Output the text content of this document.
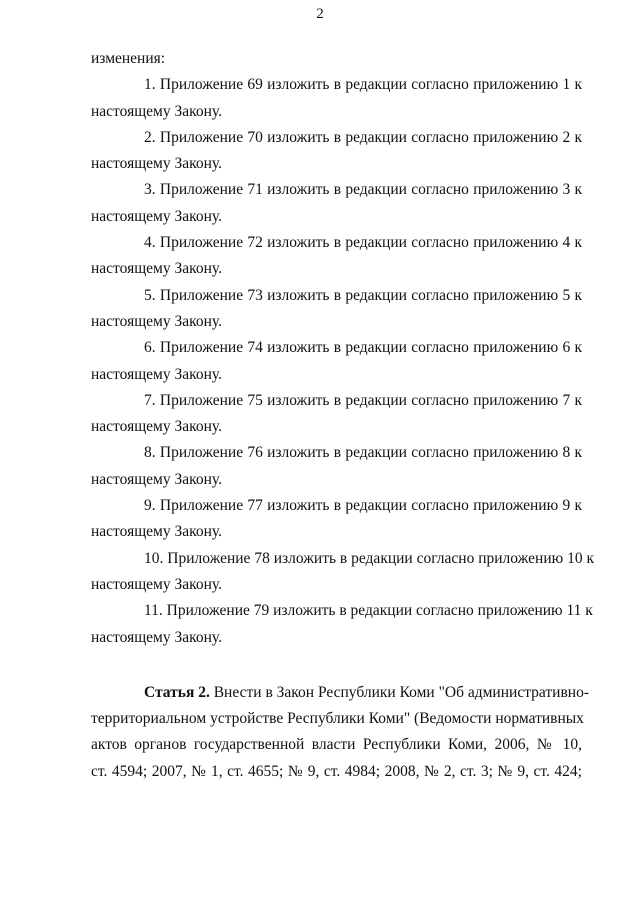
2
изменения:
1. Приложение 69 изложить в редакции согласно приложению 1 к
настоящему Закону.
2. Приложение 70 изложить в редакции согласно приложению 2 к
настоящему Закону.
3. Приложение 71 изложить в редакции согласно приложению 3 к
настоящему Закону.
4. Приложение 72 изложить в редакции согласно приложению 4 к
настоящему Закону.
5. Приложение 73 изложить в редакции согласно приложению 5 к
настоящему Закону.
6. Приложение 74 изложить в редакции согласно приложению 6 к
настоящему Закону.
7. Приложение 75 изложить в редакции согласно приложению 7 к
настоящему Закону.
8. Приложение 76 изложить в редакции согласно приложению 8 к
настоящему Закону.
9. Приложение 77 изложить в редакции согласно приложению 9 к
настоящему Закону.
10. Приложение 78 изложить в редакции согласно приложению 10 к
настоящему Закону.
11. Приложение 79 изложить в редакции согласно приложению 11 к
настоящему Закону.
Статья 2. Внести в Закон Республики Коми "Об административно-
территориальном устройстве Республики Коми" (Ведомости нормативных
актов органов государственной власти Республики Коми, 2006, № 10,
ст. 4594; 2007, № 1, ст. 4655; № 9, ст. 4984; 2008, № 2, ст. 3; № 9, ст. 424;
